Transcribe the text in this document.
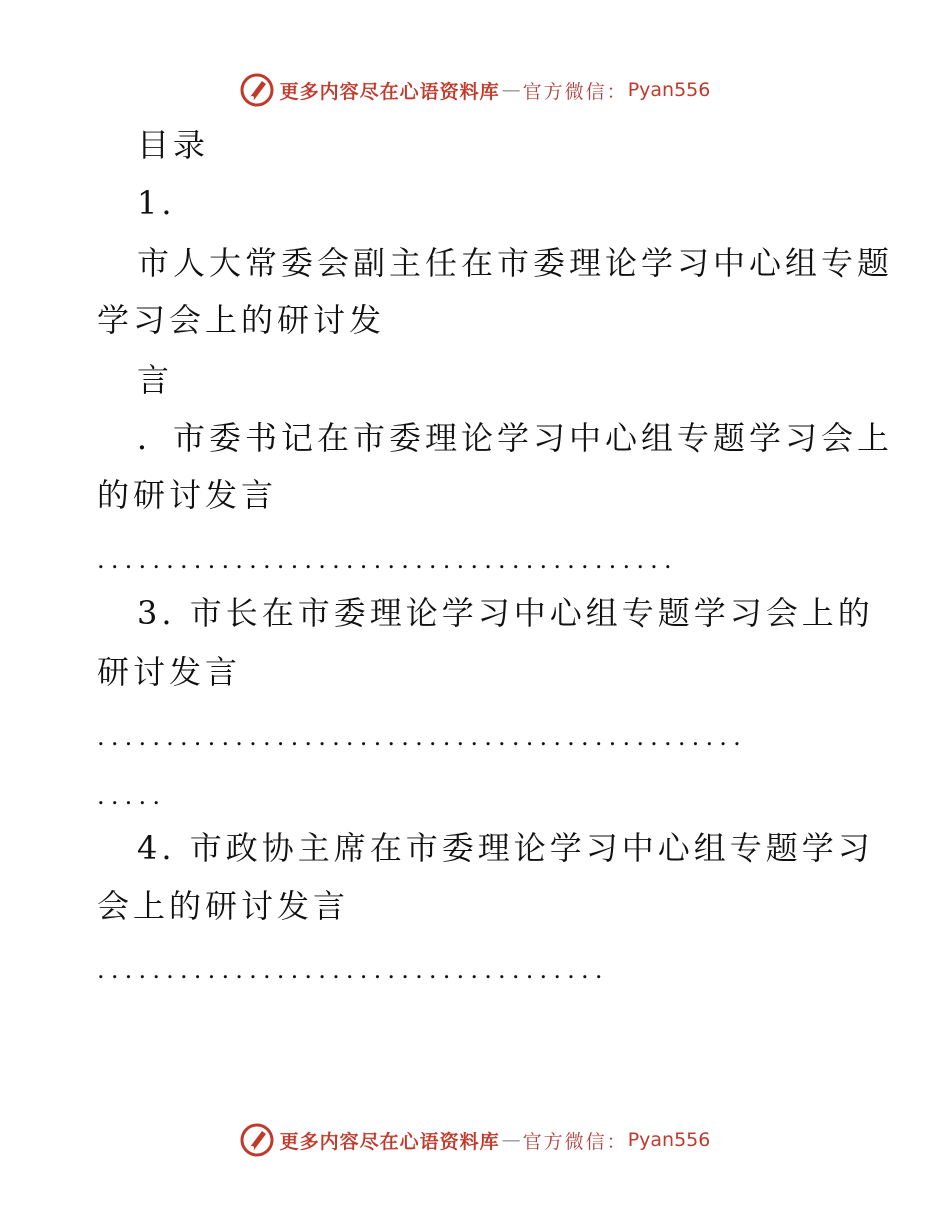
更多内容尽在心语资料库 — 官方微信： Pyan556
目录
1.
市人大常委会副主任在市委理论学习中心组专题
学习会上的研讨发
言
．市委书记在市委理论学习中心组专题学习会上
的研讨发言
..........................................
3. 市长在市委理论学习中心组专题学习会上的
研讨发言
...............................................
.....
4. 市政协主席在市委理论学习中心组专题学习
会上的研讨发言
.....................................
更多内容尽在心语资料库 — 官方微信： Pyan556
